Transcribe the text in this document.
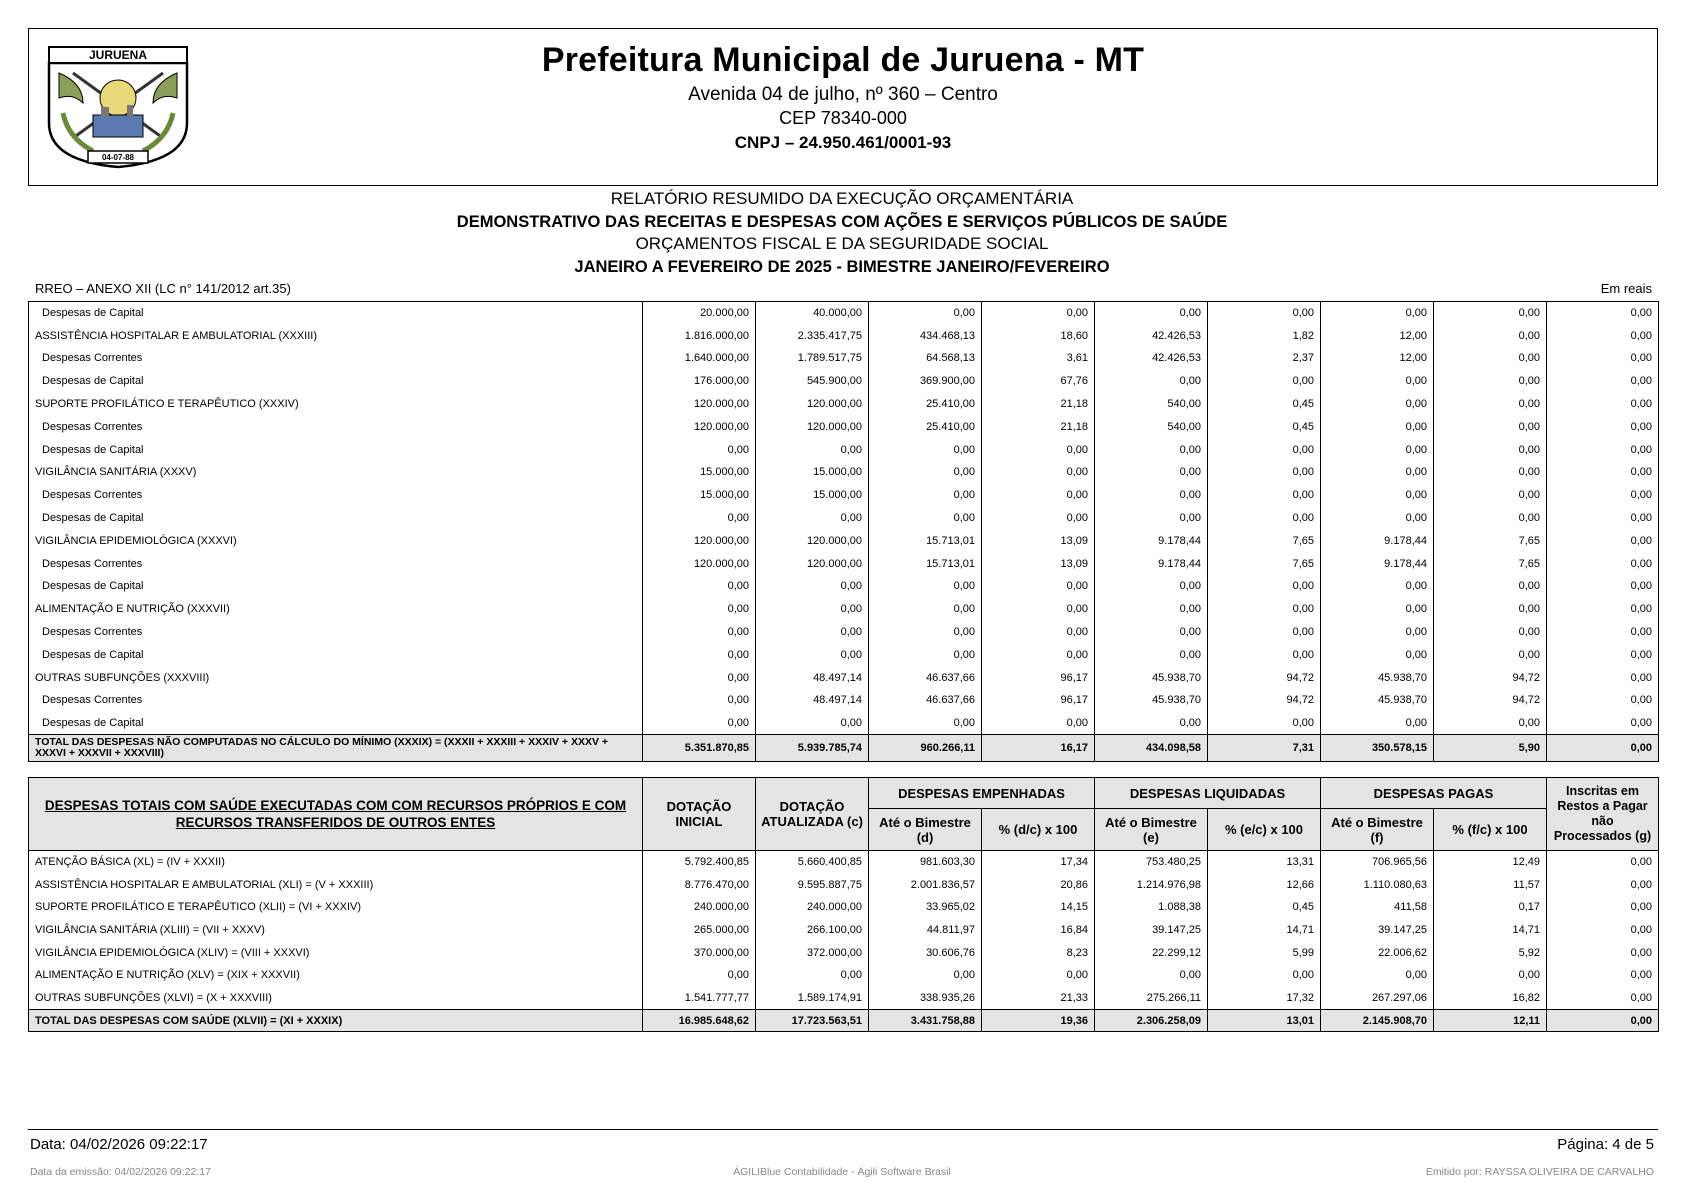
JURUENA
04-07-88
Prefeitura Municipal de Juruena - MT
Avenida 04 de julho, nº 360 – Centro
CEP 78340-000
CNPJ – 24.950.461/0001-93
RELATÓRIO RESUMIDO DA EXECUÇÃO ORÇAMENTÁRIA
DEMONSTRATIVO DAS RECEITAS E DESPESAS COM AÇÕES E SERVIÇOS PÚBLICOS DE SAÚDE
ORÇAMENTOS FISCAL E DA SEGURIDADE SOCIAL
JANEIRO A FEVEREIRO DE 2025 - BIMESTRE JANEIRO/FEVEREIRO
RREO – ANEXO XII (LC n° 141/2012 art.35)	Em reais
Despesas de Capital	20.000,00	40.000,00	0,00	0,00	0,00	0,00	0,00	0,00	0,00
ASSISTÊNCIA HOSPITALAR E AMBULATORIAL (XXXIII)	1.816.000,00	2.335.417,75	434.468,13	18,60	42.426,53	1,82	12,00	0,00	0,00
Despesas Correntes	1.640.000,00	1.789.517,75	64.568,13	3,61	42.426,53	2,37	12,00	0,00	0,00
Despesas de Capital	176.000,00	545.900,00	369.900,00	67,76	0,00	0,00	0,00	0,00	0,00
SUPORTE PROFILÁTICO E TERAPÊUTICO (XXXIV)	120.000,00	120.000,00	25.410,00	21,18	540,00	0,45	0,00	0,00	0,00
Despesas Correntes	120.000,00	120.000,00	25.410,00	21,18	540,00	0,45	0,00	0,00	0,00
Despesas de Capital	0,00	0,00	0,00	0,00	0,00	0,00	0,00	0,00	0,00
VIGILÂNCIA SANITÁRIA (XXXV)	15.000,00	15.000,00	0,00	0,00	0,00	0,00	0,00	0,00	0,00
Despesas Correntes	15.000,00	15.000,00	0,00	0,00	0,00	0,00	0,00	0,00	0,00
Despesas de Capital	0,00	0,00	0,00	0,00	0,00	0,00	0,00	0,00	0,00
VIGILÂNCIA EPIDEMIOLÓGICA (XXXVI)	120.000,00	120.000,00	15.713,01	13,09	9.178,44	7,65	9.178,44	7,65	0,00
Despesas Correntes	120.000,00	120.000,00	15.713,01	13,09	9.178,44	7,65	9.178,44	7,65	0,00
Despesas de Capital	0,00	0,00	0,00	0,00	0,00	0,00	0,00	0,00	0,00
ALIMENTAÇÃO E NUTRIÇÃO (XXXVII)	0,00	0,00	0,00	0,00	0,00	0,00	0,00	0,00	0,00
Despesas Correntes	0,00	0,00	0,00	0,00	0,00	0,00	0,00	0,00	0,00
Despesas de Capital	0,00	0,00	0,00	0,00	0,00	0,00	0,00	0,00	0,00
OUTRAS SUBFUNÇÕES (XXXVIII)	0,00	48.497,14	46.637,66	96,17	45.938,70	94,72	45.938,70	94,72	0,00
Despesas Correntes	0,00	48.497,14	46.637,66	96,17	45.938,70	94,72	45.938,70	94,72	0,00
Despesas de Capital	0,00	0,00	0,00	0,00	0,00	0,00	0,00	0,00	0,00
TOTAL DAS DESPESAS NÃO COMPUTADAS NO CÁLCULO DO MÍNIMO (XXXIX) = (XXXII + XXXIII + XXXIV + XXXV + XXXVI + XXXVII + XXXVIII)	5.351.870,85	5.939.785,74	960.266,11	16,17	434.098,58	7,31	350.578,15	5,90	0,00
DESPESAS TOTAIS COM SAÚDE EXECUTADAS COM COM RECURSOS PRÓPRIOS E COM RECURSOS TRANSFERIDOS DE OUTROS ENTES	DOTAÇÃO INICIAL	DOTAÇÃO ATUALIZADA (c)	DESPESAS EMPENHADAS		DESPESAS LIQUIDADAS		DESPESAS PAGAS		Inscritas em Restos a Pagar não Processados (g)
			Até o Bimestre (d)	% (d/c) x 100	Até o Bimestre (e)	% (e/c) x 100	Até o Bimestre (f)	% (f/c) x 100	
ATENÇÃO BÁSICA (XL) = (IV + XXXII)	5.792.400,85	5.660.400,85	981.603,30	17,34	753.480,25	13,31	706.965,56	12,49	0,00
ASSISTÊNCIA HOSPITALAR E AMBULATORIAL (XLI) = (V + XXXIII)	8.776.470,00	9.595.887,75	2.001.836,57	20,86	1.214.976,98	12,66	1.110.080,63	11,57	0,00
SUPORTE PROFILÁTICO E TERAPÊUTICO (XLII) = (VI + XXXIV)	240.000,00	240.000,00	33.965,02	14,15	1.088,38	0,45	411,58	0,17	0,00
VIGILÂNCIA SANITÁRIA (XLIII) = (VII + XXXV)	265.000,00	266.100,00	44.811,97	16,84	39.147,25	14,71	39.147,25	14,71	0,00
VIGILÂNCIA EPIDEMIOLÓGICA (XLIV) = (VIII + XXXVI)	370.000,00	372.000,00	30.606,76	8,23	22.299,12	5,99	22.006,62	5,92	0,00
ALIMENTAÇÃO E NUTRIÇÃO (XLV) = (XIX + XXXVII)	0,00	0,00	0,00	0,00	0,00	0,00	0,00	0,00	0,00
OUTRAS SUBFUNÇÕES (XLVI) = (X + XXXVIII)	1.541.777,77	1.589.174,91	338.935,26	21,33	275.266,11	17,32	267.297,06	16,82	0,00
TOTAL DAS DESPESAS COM SAÚDE (XLVII) = (XI + XXXIX)	16.985.648,62	17.723.563,51	3.431.758,88	19,36	2.306.258,09	13,01	2.145.908,70	12,11	0,00
Data: 04/02/2026 09:22:17	Página: 4 de 5
Data da emissão: 04/02/2026 09:22:17	ÁGILIBlue Contabilidade - Ágili Software Brasil	Emitido por: RAYSSA OLIVEIRA DE CARVALHO
